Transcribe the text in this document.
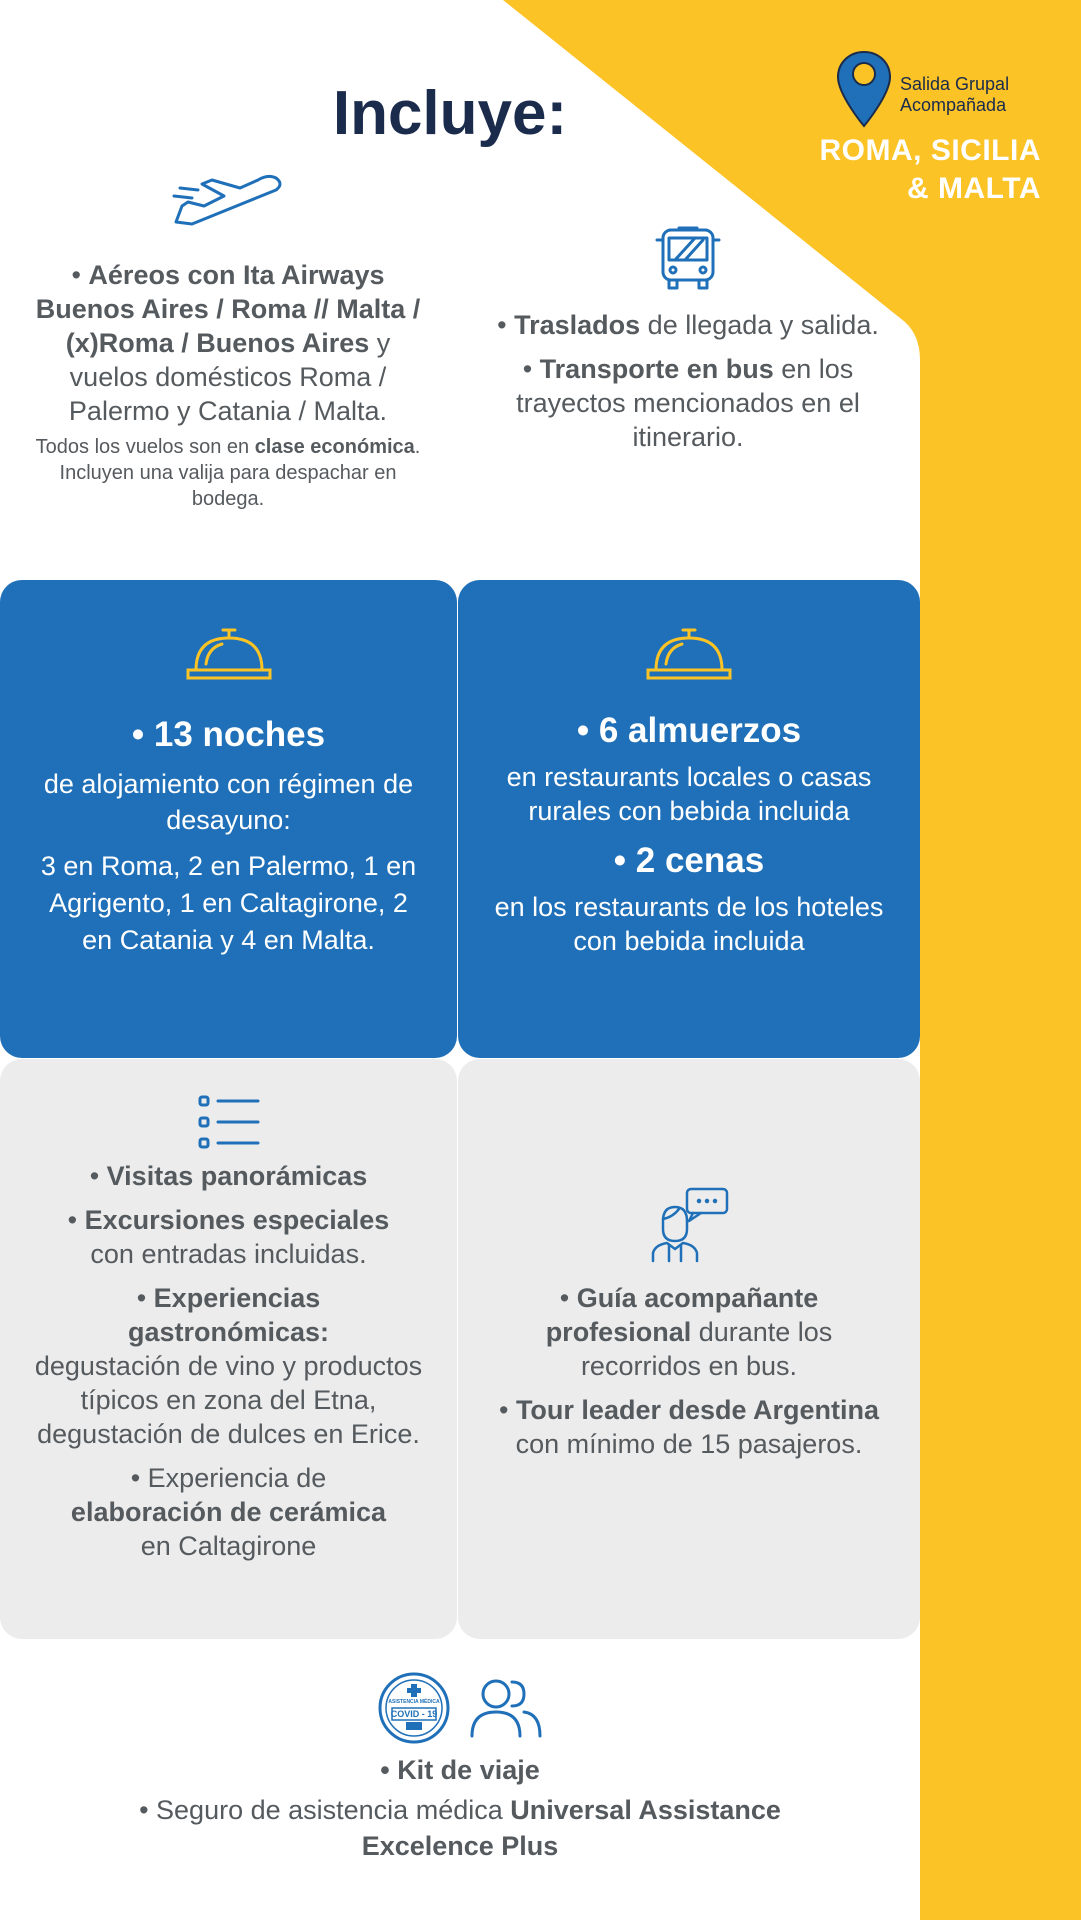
Salida Grupal
Acompañada
ROMA, SICILIA
& MALTA
Incluye:

• Aéreos con Ita Airways Buenos Aires / Roma // Malta / (x)Roma / Buenos Aires y vuelos domésticos Roma / Palermo y Catania / Malta.

Todos los vuelos son en clase económica. Incluyen una valija para despachar en bodega.

• Traslados de llegada y salida.

• Transporte en bus en los trayectos mencionados en el itinerario.

• 13 noches

de alojamiento con régimen de desayuno:

3 en Roma, 2 en Palermo, 1 en Agrigento, 1 en Caltagirone, 2 en Catania y 4 en Malta.

• 6 almuerzos

en restaurants locales o casas rurales con bebida incluida

• 2 cenas

en los restaurants de los hoteles con bebida incluida

• Visitas panorámicas

• Excursiones especiales
con entradas incluidas.

• Experiencias gastronómicas:
degustación de vino y productos típicos en zona del Etna, degustación de dulces en Erice.

• Experiencia de
elaboración de cerámica
en Caltagirone

• Guía acompañante profesional durante los recorridos en bus.

• Tour leader desde Argentina con mínimo de 15 pasajeros.

ASISTENCIA MÉDICA
COVID - 19

• Kit de viaje

• Seguro de asistencia médica Universal Assistance Excelence Plus
